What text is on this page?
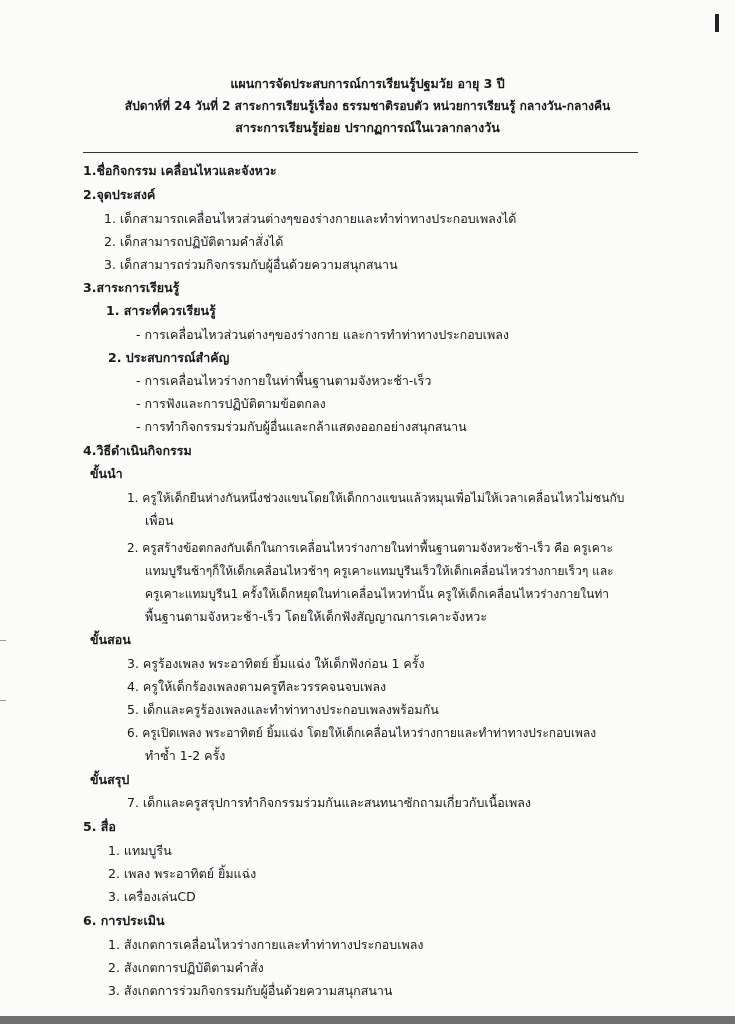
แผนการจัดประสบการณ์การเรียนรู้ปฐมวัย อายุ 3 ปี
สัปดาห์ที่ 24 วันที่ 2 สาระการเรียนรู้เรื่อง ธรรมชาติรอบตัว หน่วยการเรียนรู้ กลางวัน-กลางคืน
สาระการเรียนรู้ย่อย ปรากฏการณ์ในเวลากลางวัน
1.ชื่อกิจกรรม เคลื่อนไหวและจังหวะ
2.จุดประสงค์
1. เด็กสามารถเคลื่อนไหวส่วนต่างๆของร่างกายและทำท่าทางประกอบเพลงได้
2. เด็กสามารถปฏิบัติตามคำสั่งได้
3. เด็กสามารถร่วมกิจกรรมกับผู้อื่นด้วยความสนุกสนาน
3.สาระการเรียนรู้
1. สาระที่ควรเรียนรู้
- การเคลื่อนไหวส่วนต่างๆของร่างกาย และการทำท่าทางประกอบเพลง
2. ประสบการณ์สำคัญ
- การเคลื่อนไหวร่างกายในท่าพื้นฐานตามจังหวะช้า-เร็ว
- การฟังและการปฏิบัติตามข้อตกลง
- การทำกิจกรรมร่วมกับผู้อื่นและกล้าแสดงออกอย่างสนุกสนาน
4.วิธีดำเนินกิจกรรม
ขั้นนำ
1. ครูให้เด็กยืนห่างกันหนึ่งช่วงแขนโดยให้เด็กกางแขนแล้วหมุนเพื่อไม่ให้เวลาเคลื่อนไหวไม่ชนกับ
เพื่อน
2. ครูสร้างข้อตกลงกับเด็กในการเคลื่อนไหวร่างกายในท่าพื้นฐานตามจังหวะช้า-เร็ว คือ ครูเคาะ
แทมบูรีนช้าๆก็ให้เด็กเคลื่อนไหวช้าๆ ครูเคาะแทมบูรีนเร็วให้เด็กเคลื่อนไหวร่างกายเร็วๆ และ
ครูเคาะแทมบูรีน1 ครั้งให้เด็กหยุดในท่าเคลื่อนไหวท่านั้น ครูให้เด็กเคลื่อนไหวร่างกายในท่า
พื้นฐานตามจังหวะช้า-เร็ว โดยให้เด็กฟังสัญญาณการเคาะจังหวะ
ขั้นสอน
3. ครูร้องเพลง พระอาทิตย์ ยิ้มแฉ่ง ให้เด็กฟังก่อน 1 ครั้ง
4. ครูให้เด็กร้องเพลงตามครูทีละวรรคจนจบเพลง
5. เด็กและครูร้องเพลงและทำท่าทางประกอบเพลงพร้อมกัน
6. ครูเปิดเพลง พระอาทิตย์ ยิ้มแฉ่ง โดยให้เด็กเคลื่อนไหวร่างกายและทำท่าทางประกอบเพลง
ทำซ้ำ 1-2 ครั้ง
ขั้นสรุป
7. เด็กและครูสรุปการทำกิจกรรมร่วมกันและสนทนาซักถามเกี่ยวกับเนื้อเพลง
5. สื่อ
1. แทมบูรีน
2. เพลง พระอาทิตย์ ยิ้มแฉ่ง
3. เครื่องเล่นCD
6. การประเมิน
1. สังเกตการเคลื่อนไหวร่างกายและทำท่าทางประกอบเพลง
2. สังเกตการปฏิบัติตามคำสั่ง
3. สังเกตการร่วมกิจกรรมกับผู้อื่นด้วยความสนุกสนาน
